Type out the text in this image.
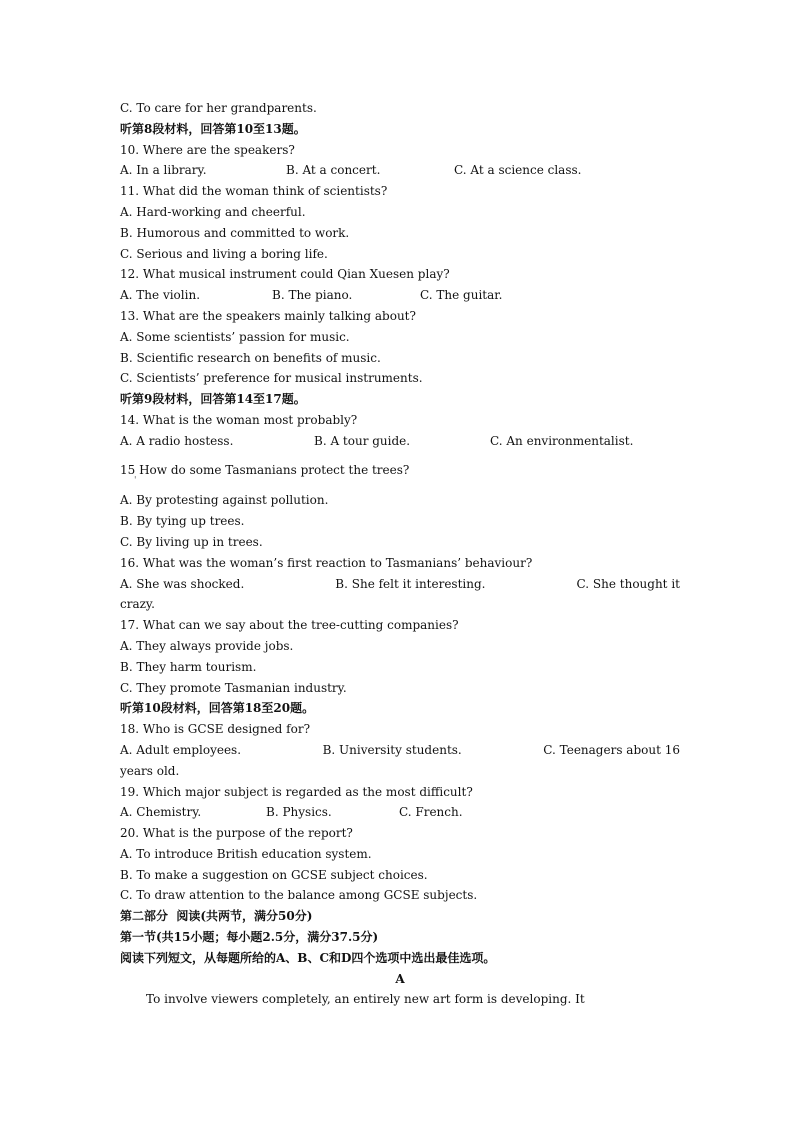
C. To care for her grandparents.
听第8段材料，回答第10至13题。
10. Where are the speakers?
A. In a library.	B. At a concert.	C. At a science class.
11. What did the woman think of scientists?
A. Hard-working and cheerful.
B. Humorous and committed to work.
C. Serious and living a boring life.
12. What musical instrument could Qian Xuesen play?
A. The violin.	B. The piano.	C. The guitar.
13. What are the speakers mainly talking about?
A. Some scientists’ passion for music.
B. Scientific research on benefits of music.
C. Scientists’ preference for musical instruments.
听第9段材料，回答第14至17题。
14. What is the woman most probably?
A. A radio hostess.	B. A tour guide.	C. An environmentalist.
15 How do some Tasmanians protect the trees?
'
A. By protesting against pollution.
B. By tying up trees.
C. By living up in trees.
16. What was the woman’s first reaction to Tasmanians’ behaviour?
A. She was shocked.	B. She felt it interesting.	C. She thought it
crazy.
17. What can we say about the tree-cutting companies?
A. They always provide jobs.
B. They harm tourism.
C. They promote Tasmanian industry.
听第10段材料，回答第18至20题。
18. Who is GCSE designed for?
A. Adult employees.	B. University students.	C. Teenagers about 16
years old.
19. Which major subject is regarded as the most difficult?
A. Chemistry.	B. Physics.	C. French.
20. What is the purpose of the report?
A. To introduce British education system.
B. To make a suggestion on GCSE subject choices.
C. To draw attention to the balance among GCSE subjects.
第二部分  阅读(共两节，满分50分)
第一节(共15小题；每小题2.5分，满分37.5分)
阅读下列短文，从每题所给的A、B、C和D四个选项中选出最佳选项。
A
To involve viewers completely, an entirely new art form is developing. It
